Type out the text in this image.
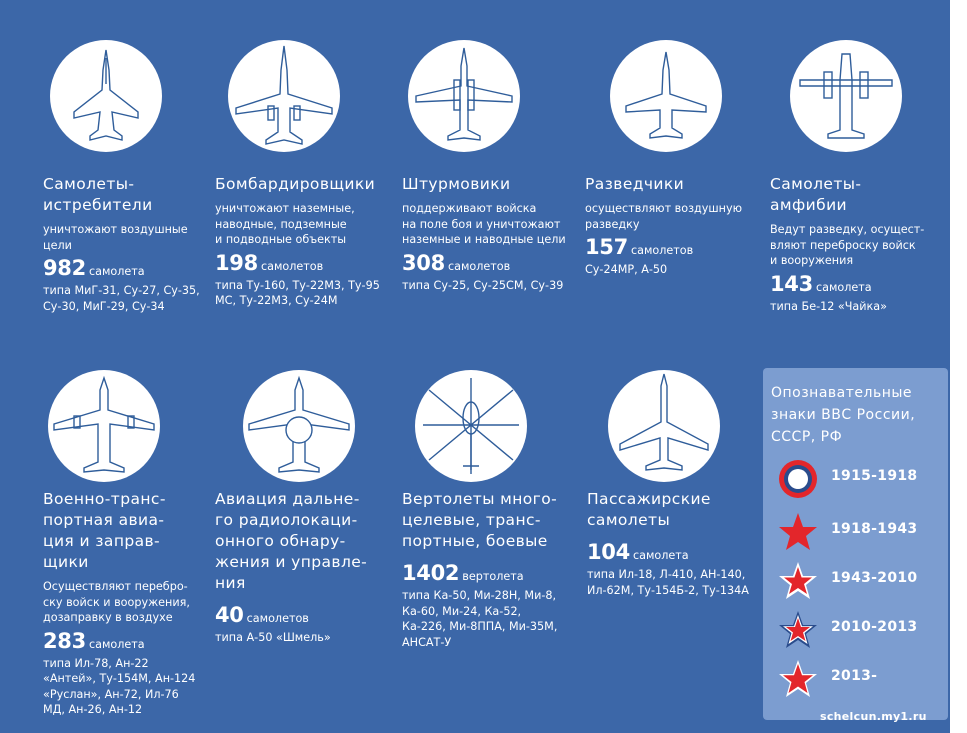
Самолеты-
истребители
уничтожают воздушные
цели
982 самолета
типа МиГ-31, Су-27, Су-35,
Су-30, МиГ-29, Су-34
Бомбардировщики
уничтожают наземные,
наводные, подземные
и подводные объекты
198 самолетов
типа Ту-160, Ту-22М3, Ту-95
МС, Ту-22М3, Су-24М
Штурмовики
поддерживают войска
на поле боя и уничтожают
наземные и наводные цели
308 самолетов
типа Су-25, Су-25СМ, Су-39
Разведчики
осуществляют воздушную
разведку
157 самолетов
Су-24МР, А-50
Самолеты-
амфибии
Ведут разведку, осущест-
вляют переброску войск
и вооружения
143 самолета
типа Бе-12 «Чайка»
Военно-транс-
портная авиа-
ция и заправ-
щики
Осуществляют перебро-
ску войск и вооружения,
дозаправку в воздухе
283 самолета
типа Ил-78, Ан-22
«Антей», Ту-154М, Ан-124
«Руслан», Ан-72, Ил-76
МД, Ан-26, Ан-12
Авиация дальне-
го радиолокаци-
онного обнару-
жения и управле-
ния
40 самолетов
типа А-50 «Шмель»
Вертолеты много-
целевые, транс-
портные, боевые
1402 вертолета
типа Ка-50, Ми-28Н, Ми-8,
Ка-60, Ми-24, Ка-52,
Ка-226, Ми-8ППА, Ми-35М,
АНСАТ-У
Пассажирские
самолеты
104 самолета
типа Ил-18, Л-410, АН-140,
Ил-62М, Ту-154Б-2, Ту-134А
Опознавательные
знаки ВВС России,
СССР, РФ
1915-1918
1918-1943
1943-2010
2010-2013
2013-
schelcun.my1.ru
